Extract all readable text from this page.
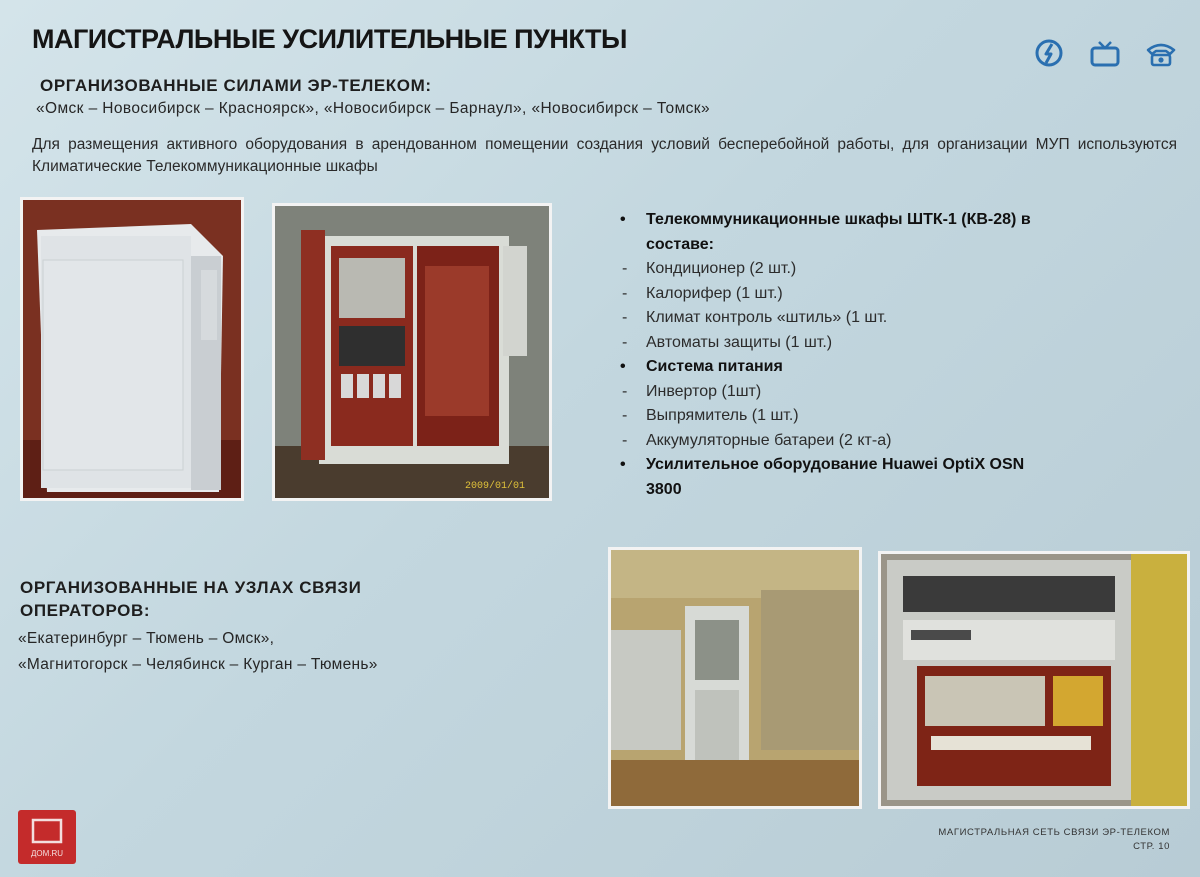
МАГИСТРАЛЬНЫЕ УСИЛИТЕЛЬНЫЕ ПУНКТЫ
ОРГАНИЗОВАННЫЕ СИЛАМИ ЭР-ТЕЛЕКОМ:
«Омск – Новосибирск – Красноярск», «Новосибирск – Барнаул», «Новосибирск – Томск»
Для размещения активного оборудования в арендованном помещении создания условий бесперебойной работы, для организации МУП используются Климатические Телекоммуникационные шкафы
2009/01/01
• Телекоммуникационные шкафы ШТК-1 (КВ-28) в составе:
- Кондиционер (2 шт.)
- Калорифер (1 шт.)
- Климат контроль «штиль» (1 шт.
- Автоматы защиты (1 шт.)
• Система питания
- Инвертор (1шт)
- Выпрямитель (1 шт.)
- Аккумуляторные батареи (2 кт-а)
• Усилительное оборудование Huawei OptiX OSN 3800
ОРГАНИЗОВАННЫЕ НА УЗЛАХ СВЯЗИ ОПЕРАТОРОВ:
«Екатеринбург – Тюмень – Омск»,
«Магнитогорск – Челябинск – Курган – Тюмень»
ДОМ.RU
МАГИСТРАЛЬНАЯ СЕТЬ СВЯЗИ ЭР-ТЕЛЕКОМ
СТР. 10
